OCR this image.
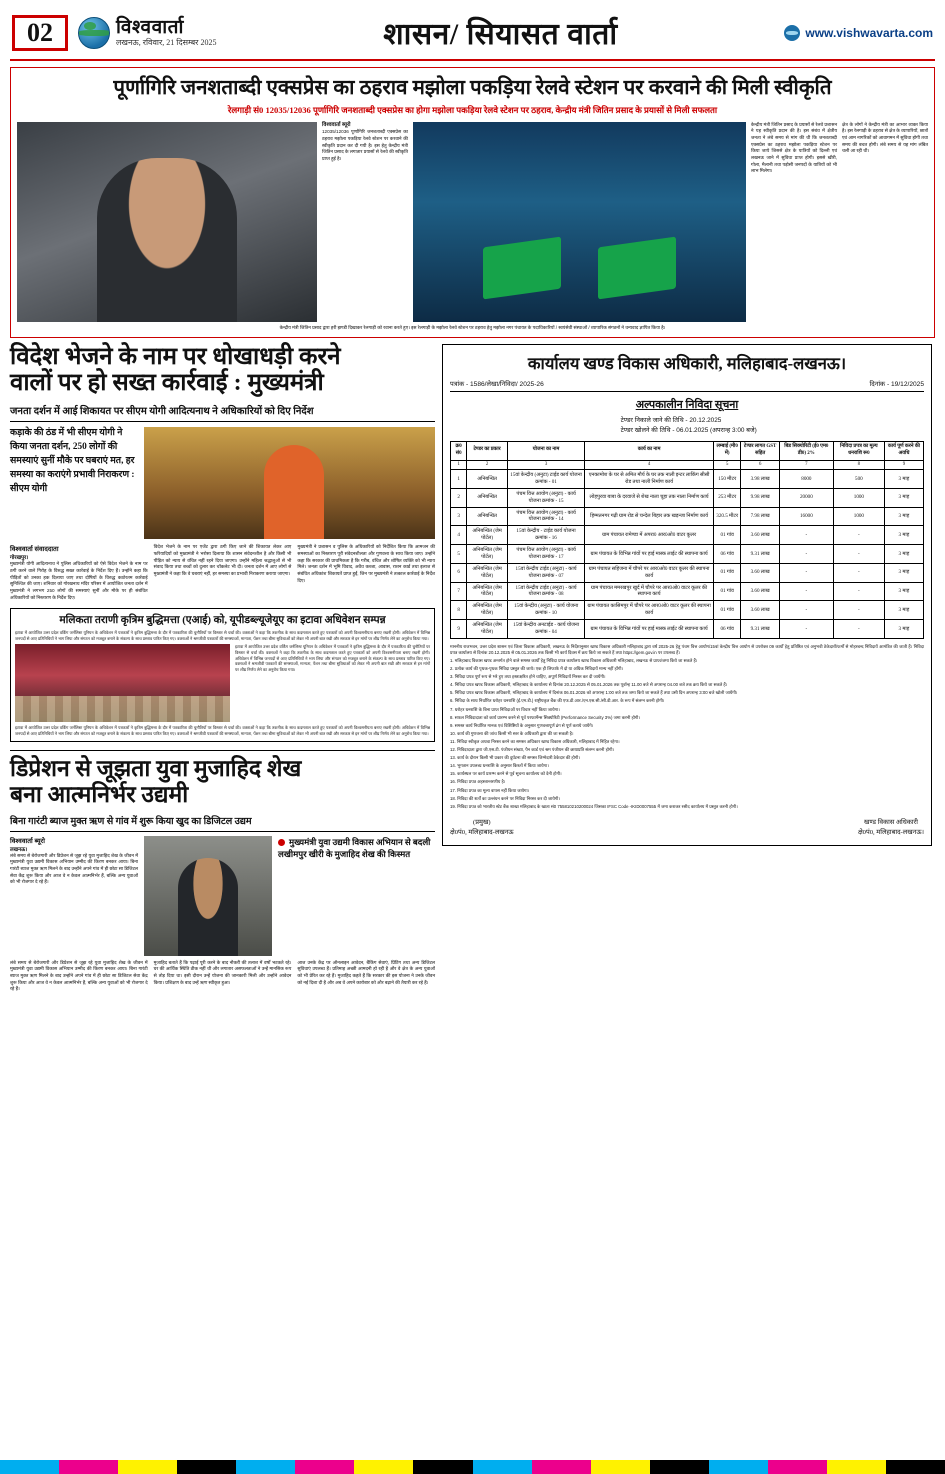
02	विश्ववार्ता
लखनऊ, रविवार, 21 दिसम्बर 2025	शासन/ सियासत वार्ता	www.vishwavarta.com
पूर्णागिरि जनशताब्दी एक्सप्रेस का ठहराव मझोला पकड़िया रेलवे स्टेशन पर करवाने की मिली स्वीकृति
रेलगाड़ी सं0 12035/12036 पूर्णागिरि जनशताब्दी एक्सप्रेस का होगा मझोला पकड़िया रेलवे स्टेशन पर ठहराव, केन्द्रीय मंत्री जितिन प्रसाद के प्रयासों से मिली सफलता
विश्ववार्ता ब्यूरो
12035/12036 पूर्णागिरि जनशताब्दी एक्सप्रेस का ठहराव मझोला पकड़िया रेलवे स्टेशन पर करवाने की स्वीकृति प्रदान कर दी गयी है। इस हेतु केन्द्रीय मंत्री जितिन प्रसाद के लगातार प्रयासों से रेलवे की स्वीकृति प्राप्त हुई है।
केन्द्रीय मंत्री जितिन प्रसाद के प्रयासों से रेलवे प्रशासन ने यह स्वीकृति प्रदान की है। इस संबंध में क्षेत्रीय जनता ने लंबे समय से मांग की थी कि जनशताब्दी एक्सप्रेस का ठहराव मझोला पकड़िया स्टेशन पर किया जाये जिससे क्षेत्र के यात्रियों को दिल्ली एवं लखनऊ जाने में सुविधा प्राप्त होगी। इससे खीरी, गोला, मैलानी तथा पड़ोसी जनपदों के यात्रियों को भी लाभ मिलेगा।
क्षेत्र के लोगों ने केन्द्रीय मंत्री का आभार व्यक्त किया है। इस रेलगाड़ी के ठहराव से क्षेत्र के व्यापारियों, छात्रों एवं आम नागरिकों को आवागमन में सुविधा होगी तथा समय की बचत होगी। लंबे समय से यह मांग लंबित चली आ रही थी।
केन्द्रीय मंत्री जितिन प्रसाद द्वारा हरी झण्डी दिखाकर रेलगाड़ी को रवाना करते हुए। इस रेलगाड़ी के मझोला रेलवे स्टेशन पर ठहराव हेतु मझोला नगर पंचायत के पदाधिकारियों / स्वयंसेवी संस्थाओं / व्यापारिक संगठनों ने धन्यवाद ज्ञापित किया है।
विदेश भेजने के नाम पर धोखाधड़ी करने
वालों पर हो सख्त कार्रवाई : मुख्यमंत्री
जनता दर्शन में आई शिकायत पर सीएम योगी आदित्यनाथ ने अधिकारियों को दिए निर्देश
कड़ाके की ठंड में भी सीएम योगी ने किया जनता दर्शन, 250 लोगों की समस्याएं सुनीं मौके पर घबराएं मत, हर समस्या का कराएंगे प्रभावी निराकरण : सीएम योगी
विश्ववार्ता संवाददाता
गोरखपुर।
मुख्यमंत्री योगी आदित्यनाथ ने पुलिस अधिकारियों को ऐसे विदेश भेजने के नाम पर ठगी करने वाले गिरोह के विरुद्ध सख्त कार्रवाई के निर्देश दिए हैं। उन्होंने कहा कि पीड़ितों को उनका हक दिलाया जाए तथा दोषियों के विरुद्ध कठोरतम कार्रवाई सुनिश्चित की जाए। शनिवार को गोरखनाथ मंदिर परिसर में आयोजित जनता दर्शन में मुख्यमंत्री ने लगभग 250 लोगों की समस्याएं सुनीं और मौके पर ही संबंधित अधिकारियों को निस्तारण के निर्देश दिए।
विदेश भेजने के नाम पर एजेंट द्वारा ठगी किए जाने की शिकायत लेकर आए फरियादियों को मुख्यमंत्री ने भरोसा दिलाया कि शासन संवेदनशील है और किसी भी पीड़ित को न्याय से वंचित नहीं रहने दिया जाएगा। उन्होंने महिला श्रद्धालुओं से भी संवाद किया तथा बच्चों को दुलार कर चॉकलेट भी दी। जनता दर्शन में आए लोगों से मुख्यमंत्री ने कहा कि वे घबराएं नहीं, हर समस्या का प्रभावी निराकरण कराया जाएगा।
मुख्यमंत्री ने प्रशासन व पुलिस के अधिकारियों को निर्देशित किया कि आमजन की समस्याओं का निस्तारण पूरी संवेदनशीलता और गुणवत्ता के साथ किया जाए। उन्होंने कहा कि सरकार की प्राथमिकता है कि गरीब, वंचित और शोषित व्यक्ति को भी न्याय मिले। जनता दर्शन में भूमि विवाद, अवैध कब्जा, आवास, राशन कार्ड तथा इलाज से संबंधित अधिकांश शिकायतें प्राप्त हुईं, जिन पर मुख्यमंत्री ने तत्काल कार्रवाई के निर्देश दिए।
मलिकता तराणी कृत्रिम बुद्धिमत्ता (एआई) को, यूपीडब्ल्यूजेयूए का इटावा अधिवेशन सम्पन्न
इटावा में आयोजित उत्तर प्रदेश वर्किंग जर्नलिस्ट यूनियन के अधिवेशन में पत्रकारों ने कृत्रिम बुद्धिमत्ता के दौर में पत्रकारिता की चुनौतियों पर विस्तार से चर्चा की। वक्ताओं ने कहा कि तकनीक के साथ कदमताल करते हुए पत्रकारों को अपनी विश्वसनीयता बनाए रखनी होगी। अधिवेशन में विभिन्न जनपदों से आए प्रतिनिधियों ने भाग लिया और संगठन को मजबूत बनाने के संकल्प के साथ प्रस्ताव पारित किए गए। वक्ताओं ने श्रमजीवी पत्रकारों की समस्याओं, मान्यता, पेंशन तथा बीमा सुविधाओं को लेकर भी अपनी बात रखी और सरकार से इन मांगों पर शीघ्र निर्णय लेने का अनुरोध किया गया।
इटावा में आयोजित उत्तर प्रदेश वर्किंग जर्नलिस्ट यूनियन के अधिवेशन में पत्रकारों ने कृत्रिम बुद्धिमत्ता के दौर में पत्रकारिता की चुनौतियों पर विस्तार से चर्चा की। वक्ताओं ने कहा कि तकनीक के साथ कदमताल करते हुए पत्रकारों को अपनी विश्वसनीयता बनाए रखनी होगी। अधिवेशन में विभिन्न जनपदों से आए प्रतिनिधियों ने भाग लिया और संगठन को मजबूत बनाने के संकल्प के साथ प्रस्ताव पारित किए गए। वक्ताओं ने श्रमजीवी पत्रकारों की समस्याओं, मान्यता, पेंशन तथा बीमा सुविधाओं को लेकर भी अपनी बात रखी और सरकार से इन मांगों पर शीघ्र निर्णय लेने का अनुरोध किया गया।
इटावा में आयोजित उत्तर प्रदेश वर्किंग जर्नलिस्ट यूनियन के अधिवेशन में पत्रकारों ने कृत्रिम बुद्धिमत्ता के दौर में पत्रकारिता की चुनौतियों पर विस्तार से चर्चा की। वक्ताओं ने कहा कि तकनीक के साथ कदमताल करते हुए पत्रकारों को अपनी विश्वसनीयता बनाए रखनी होगी। अधिवेशन में विभिन्न जनपदों से आए प्रतिनिधियों ने भाग लिया और संगठन को मजबूत बनाने के संकल्प के साथ प्रस्ताव पारित किए गए। वक्ताओं ने श्रमजीवी पत्रकारों की समस्याओं, मान्यता, पेंशन तथा बीमा सुविधाओं को लेकर भी अपनी बात रखी और सरकार से इन मांगों पर शीघ्र निर्णय लेने का अनुरोध किया गया।
डिप्रेशन से जूझता युवा मुजाहिद शेख
बना आत्मनिर्भर उद्यमी
बिना गारंटी ब्याज मुक्त ऋण से गांव में शुरू किया खुद का डिजिटल उद्यम
विश्ववार्ता ब्यूरो
लखनऊ।
लंबे समय से बेरोजगारी और डिप्रेशन से जूझ रहे युवा मुजाहिद शेख के जीवन में मुख्यमंत्री युवा उद्यमी विकास अभियान उम्मीद की किरण बनकर आया। बिना गारंटी ब्याज मुक्त ऋण मिलने के बाद उन्होंने अपने गांव में ही छोटा सा डिजिटल सेवा केंद्र शुरू किया और आज वे न केवल आत्मनिर्भर हैं, बल्कि अन्य युवाओं को भी रोजगार दे रहे हैं।
मुख्यमंत्री युवा उद्यमी विकास अभियान से बदली लखीमपुर खीरी के मुजाहिद शेख की किस्मत
लंबे समय से बेरोजगारी और डिप्रेशन से जूझ रहे युवा मुजाहिद शेख के जीवन में मुख्यमंत्री युवा उद्यमी विकास अभियान उम्मीद की किरण बनकर आया। बिना गारंटी ब्याज मुक्त ऋण मिलने के बाद उन्होंने अपने गांव में ही छोटा सा डिजिटल सेवा केंद्र शुरू किया और आज वे न केवल आत्मनिर्भर हैं, बल्कि अन्य युवाओं को भी रोजगार दे रहे हैं।
मुजाहिद बताते हैं कि पढ़ाई पूरी करने के बाद नौकरी की तलाश में वर्षों भटकते रहे। घर की आर्थिक स्थिति ठीक नहीं थी और लगातार असफलताओं ने उन्हें मानसिक रूप से तोड़ दिया था। इसी दौरान उन्हें योजना की जानकारी मिली और उन्होंने आवेदन किया। प्रशिक्षण के बाद उन्हें ऋण स्वीकृत हुआ।
आज उनके केंद्र पर ऑनलाइन आवेदन, बैंकिंग सेवाएं, प्रिंटिंग तथा अन्य डिजिटल सुविधाएं उपलब्ध हैं। प्रतिमाह अच्छी आमदनी हो रही है और वे क्षेत्र के अन्य युवाओं को भी प्रेरित कर रहे हैं। मुजाहिद कहते हैं कि सरकार की इस योजना ने उनके जीवन को नई दिशा दी है और अब वे अपने कारोबार को और बढ़ाने की तैयारी कर रहे हैं।
कार्यालय खण्ड विकास अधिकारी, मलिहाबाद-लखनऊ।
पत्रांक - 1586/लेखा/निविदा/ 2025-26	दिनांक - 19/12/2025
अल्पकालीन निविदा सूचना
टेण्डर निकाले जाने की तिथि - 20.12.2025
टेण्डर खोलने की तिथि - 06.01.2025 (अपरान्ह 3:00 बजे)
क्र0 सं0	टेण्डर का प्रकार	योजना का नाम	कार्य का नाम	लम्बाई (मी0 में)	टेण्डर लागत GST सहित	बिड सिक्योरिटी (ई0 एम0 डी0) 2%	निविदा प्रपत्र का मूल्य धनराशि रू0	कार्य पूर्ण करने की अवधि
1	2	3	4	5	6	7	8	9
1	अनिबन्धित	15वां केन्द्रीय (अनुटा) टाईड कार्य योजना क्रमांक - 01	एनकामोश के घर से अमित मौर्य के घर तक नाली इन्टर लाकिंग सीसी रोड तथा नाली निर्माण कार्य	150 मीटर	3.98 लाख	8000	500	3 माह
2	अनिबन्धित	पंचम वित्त आयोग (अनुटा) - कार्य योजना क्रमांक - 15	लोहपुरवा बाबा के दरवाजे से शेख नाला चूहा तक नाला निर्माण कार्य	253 मीटर	9.98 लाख	20000	1000	3 माह
3	अनिबन्धित	पंचम वित्त आयोग (अनुटा) - कार्य योजना क्रमांक - 14	हिम्मतनगर गढ़ी ग्राम रोड से चन्देल बिहार तक खड़न्जा निर्माण कार्य	320.5 मीटर	7.98 लाख	16000	1000	3 माह
4	अनिबन्धित (जेम पोर्टल)	15वां केन्द्रीय - टाईड कार्य योजना क्रमांक - 16	ग्राम पंचायत रामेण्डा में अपरा0 आर0ओ0 वाटर कूलर	01 गांव	3.60 लाख	-	-	3 माह
5	अनिबन्धित (जेम पोर्टल)	पंचम वित्त आयोग (अनुटा) - कार्य योजना क्रमांक - 17	ग्राम पंचायत के विभिन्न गांवों पर हाई मास्क लाईट की स्थापना कार्य	06 गांव	9.31 लाख	-	-	3 माह
6	अनिबन्धित (जेम पोर्टल)	15वां केन्द्रीय टाईड (अनुटा) - कार्य योजना क्रमांक - 07	ग्राम पंचायत सहिजना में चौपरे पर आर0ओ0 वाटर कूलर की स्थापना कार्य	01 गांव	3.60 लाख	-	-	3 माह
7	अनिबन्धित (जेम पोर्टल)	15वां केन्द्रीय टाईड (अनुटा) - कार्य योजना क्रमांक - 08	ग्राम पंचायत ममरखपुर खुर्द में चौपरे पर आर0ओ0 वाटर कूलर की स्थापना कार्य	01 गांव	3.60 लाख	-	-	3 माह
8	अनिबन्धित (जेम पोर्टल)	15वां केन्द्रीय (अनुटा) - कार्य योजना क्रमांक - 10	ग्राम पंचायत कासिमपुर में चौपरे पर आर0ओ0 वाटर कूलर की स्थापना कार्य	01 गांव	3.60 लाख	-	-	3 माह
9	अनिबन्धित (जेम पोर्टल)	15वां केन्द्रीय अनटाईड - कार्य योजना क्रमांक - 04	ग्राम पंचायत के विभिन्न गांवों पर हाई मास्क लाईट की स्थापना कार्य	06 गांव	9.31 लाख	-	-	3 माह

माननीय राजभवन, उत्तर प्रदेश शासन एवं जिला विकास अधिकारी, लखनऊ के निर्देशानुसार खण्ड विकास अधिकारी मलिहाबाद द्वारा वर्ष 2025-26 हेतु पंचम वित्त आयोग/15वां केन्द्रीय वित्त आयोग से उपरोक्त 09 कार्यों हेतु प्रतिष्ठित एवं अनुभवी ठेकेदारों/फर्मों से मोहरबन्द निविदायें आमंत्रित की जाती हैं। निविदा प्रपत्र कार्यालय से दिनांक 20.12.2025 से 05.01.2026 तक किसी भी कार्य दिवस में क्रय किये जा सकते हैं तथा https://gem.gov.in पर उपलब्ध हैं।

1. मलिहाबाद विकास खण्ड अन्तर्गत होने वाले समस्त कार्यों हेतु निविदा प्रपत्र कार्यालय खण्ड विकास अधिकारी मलिहाबाद, लखनऊ से प्राप्त/जमा किये जा सकते हैं।

2. प्रत्येक कार्य की पृथक-पृथक निविदा प्रस्तुत की जाये। एक ही लिफाफे में दो या अधिक निविदायें मान्य नहीं होंगी।

3. निविदा प्रपत्र पूर्ण रूप से भरे हुए तथा हस्ताक्षरित होने चाहिए, अपूर्ण निविदायें निरस्त कर दी जायेंगी।

4. निविदा प्रपत्र खण्ड विकास अधिकारी, मलिहाबाद के कार्यालय से दिनांक 20.12.2025 से 05.01.2026 तक पूर्वान्ह 11.00 बजे से अपरान्ह 04.00 बजे तक क्रय किये जा सकते हैं।

5. निविदा प्रपत्र खण्ड विकास अधिकारी, मलिहाबाद के कार्यालय में दिनांक 06.01.2026 को अपरान्ह 1:00 बजे तक जमा किये जा सकते हैं तथा उसी दिन अपरान्ह 3:00 बजे खोली जायेंगी।

6. निविदा के साथ निर्धारित धरोहर धनराशि (ई.एम.डी.) राष्ट्रीयकृत बैंक की एफ.डी.आर./एन.एस.सी./सी.डी.आर. के रूप में संलग्न करनी होगी।

7. धरोहर धनराशि के बिना प्राप्त निविदाओं पर विचार नहीं किया जायेगा।

8. सफल निविदादाता को कार्य प्रारम्भ करने से पूर्व परफार्मेन्स सिक्योरिटी (Performance Security 3%) जमा करनी होगी।

9. समस्त कार्य निर्धारित मानक एवं विशिष्टियों के अनुसार गुणवत्तापूर्ण ढंग से पूर्ण कराये जायेंगे।

10. कार्य की गुणवत्ता की जांच किसी भी स्तर के अधिकारी द्वारा की जा सकती है।

11. निविदा स्वीकृत अथवा निरस्त करने का समस्त अधिकार खण्ड विकास अधिकारी, मलिहाबाद में निहित रहेगा।

12. निविदादाता द्वारा जी.एस.टी. पंजीयन संख्या, पैन कार्ड एवं श्रम पंजीयन की छायाप्रति संलग्न करनी होगी।

13. कार्य के दौरान किसी भी प्रकार की दुर्घटना की समस्त जिम्मेदारी ठेकेदार की होगी।

14. भुगतान उपलब्ध धनराशि के अनुसार किश्तों में किया जायेगा।

15. कार्यस्थल पर कार्य प्रारम्भ करने से पूर्व सूचना कार्यालय को देनी होगी।

16. निविदा प्रपत्र अहस्तान्तरणीय है।

17. निविदा प्रपत्र का मूल्य वापस नहीं किया जायेगा।

18. निविदा की शर्तों का उल्लंघन करने पर निविदा निरस्त कर दी जायेगी।

19. निविदा प्रपत्र को भारतीय स्टेट बैंक शाखा मलिहाबाद के खाता सं0 755810210200024 जिसका IFSC Code -IKID0007555 में जमा कराकर रसीद कार्यालय में प्रस्तुत करनी होगी।

(प्रमुख)
क्षे0पं0, मलिहाबाद-लखनऊ
खण्ड विकास अधिकारी
क्षे0पं0, मलिहाबाद-लखनऊ।
